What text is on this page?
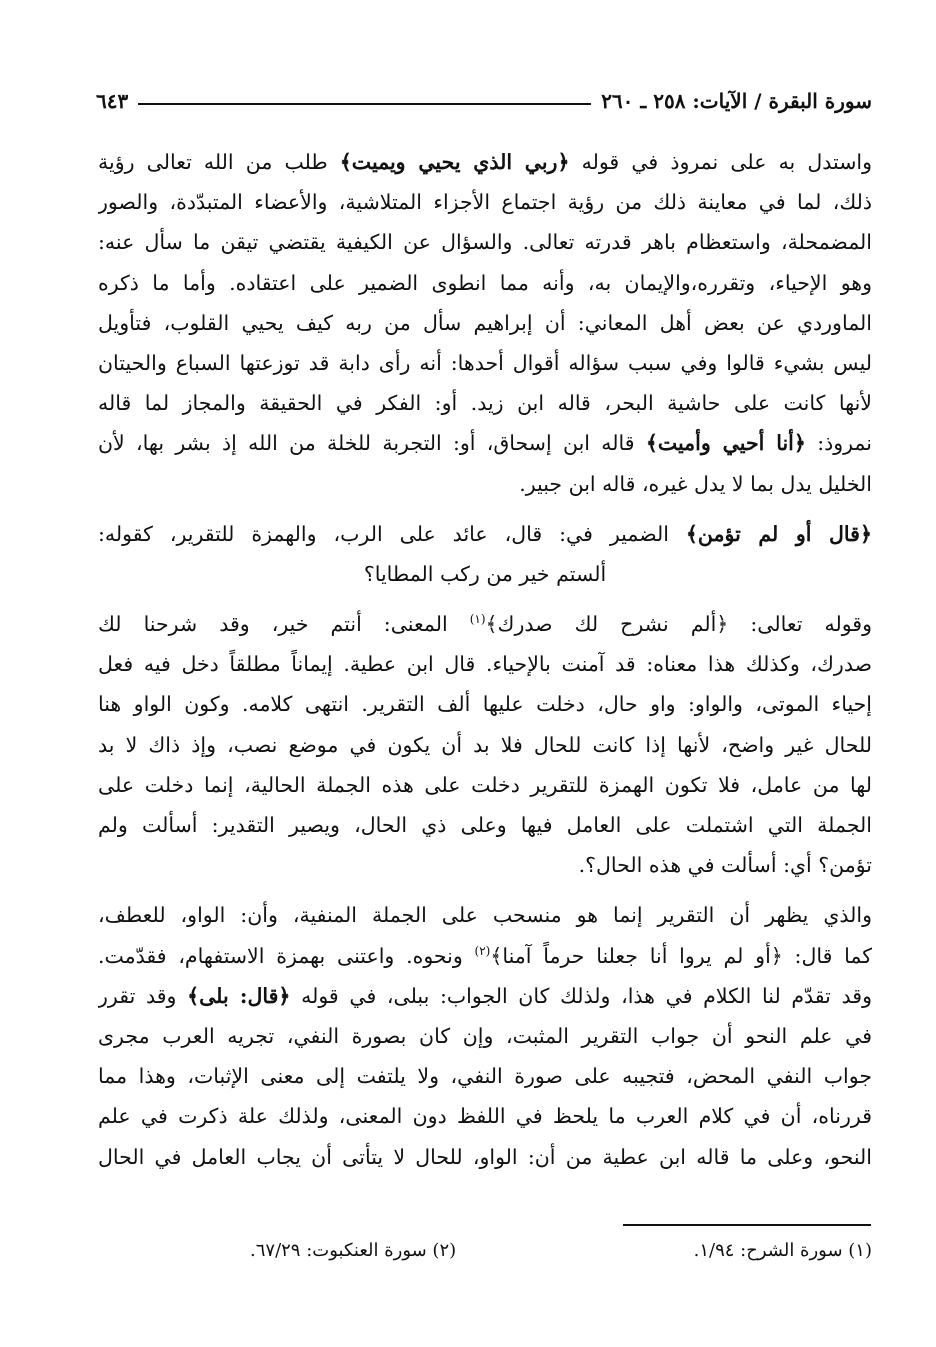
سورة البقرة / الآيات: ٢٥٨ ـ ٢٦٠
٦٤٣
واستدل به على نمروذ في قوله ﴿ربي الذي يحيي ويميت﴾ طلب من الله تعالى رؤية
ذلك، لما في معاينة ذلك من رؤية اجتماع الأجزاء المتلاشية، والأعضاء المتبدّدة، والصور
المضمحلة، واستعظام باهر قدرته تعالى. والسؤال عن الكيفية يقتضي تيقن ما سأل عنه:
وهو الإحياء، وتقرره،والإيمان به، وأنه مما انطوى الضمير على اعتقاده. وأما ما ذكره
الماوردي عن بعض أهل المعاني: أن إبراهيم سأل من ربه كيف يحيي القلوب، فتأويل
ليس بشيء قالوا وفي سبب سؤاله أقوال أحدها: أنه رأى دابة قد توزعتها السباع والحيتان
لأنها كانت على حاشية البحر، قاله ابن زيد. أو: الفكر في الحقيقة والمجاز لما قاله
نمروذ: ﴿أنا أحيي وأميت﴾ قاله ابن إسحاق، أو: التجربة للخلة من الله إذ بشر بها، لأن
الخليل يدل بما لا يدل غيره، قاله ابن جبير.
﴿قال أو لم تؤمن﴾ الضمير في: قال، عائد على الرب، والهمزة للتقرير، كقوله:
ألستم خير من ركب المطايا؟
وقوله تعالى: ﴿ألم نشرح لك صدرك﴾$^{(١)}$ المعنى: أنتم خير، وقد شرحنا لك
صدرك، وكذلك هذا معناه: قد آمنت بالإحياء. قال ابن عطية. إيماناً مطلقاً دخل فيه فعل
إحياء الموتى، والواو: واو حال، دخلت عليها ألف التقرير. انتهى كلامه. وكون الواو هنا
للحال غير واضح، لأنها إذا كانت للحال فلا بد أن يكون في موضع نصب، وإذ ذاك لا بد
لها من عامل، فلا تكون الهمزة للتقرير دخلت على هذه الجملة الحالية، إنما دخلت على
الجملة التي اشتملت على العامل فيها وعلى ذي الحال، ويصير التقدير: أسألت ولم
تؤمن؟ أي: أسألت في هذه الحال؟.
والذي يظهر أن التقرير إنما هو منسحب على الجملة المنفية، وأن: الواو، للعطف،
كما قال: ﴿أو لم يروا أنا جعلنا حرماً آمنا﴾$^{(٢)}$ ونحوه. واعتنى بهمزة الاستفهام، فقدّمت.
وقد تقدّم لنا الكلام في هذا، ولذلك كان الجواب: ببلى، في قوله ﴿قال: بلى﴾ وقد تقرر
في علم النحو أن جواب التقرير المثبت، وإن كان بصورة النفي، تجريه العرب مجرى
جواب النفي المحض، فتجيبه على صورة النفي، ولا يلتفت إلى معنى الإثبات، وهذا مما
قررناه، أن في كلام العرب ما يلحظ في اللفظ دون المعنى، ولذلك علة ذكرت في علم
النحو، وعلى ما قاله ابن عطية من أن: الواو، للحال لا يتأتى أن يجاب العامل في الحال
(١) سورة الشرح: ١/٩٤.
(٢) سورة العنكبوت: ٦٧/٢٩.
